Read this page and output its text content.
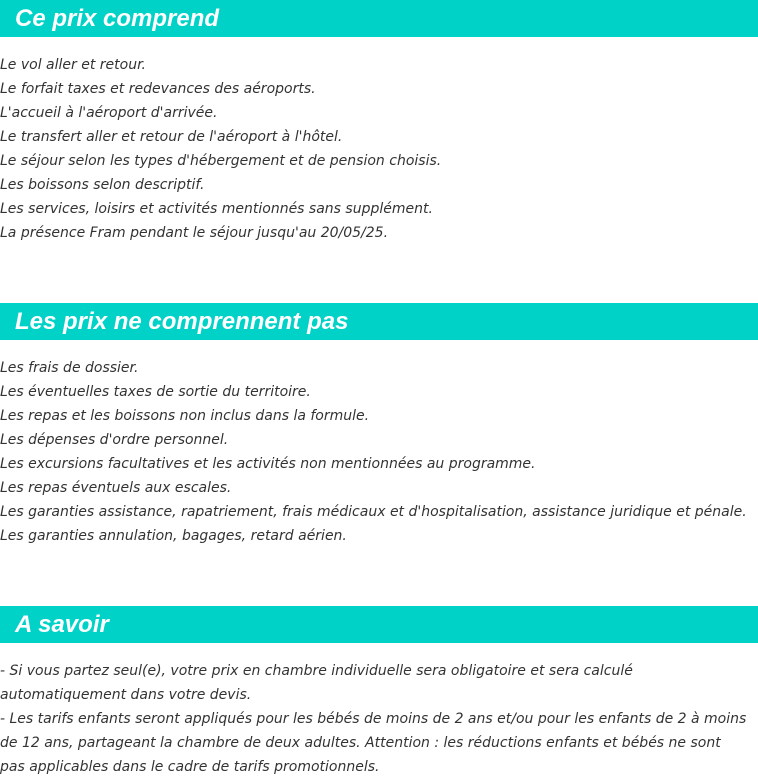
Ce prix comprend
Le vol aller et retour.
Le forfait taxes et redevances des aéroports.
L'accueil à l'aéroport d'arrivée.
Le transfert aller et retour de l'aéroport à l'hôtel.
Le séjour selon les types d'hébergement et de pension choisis.
Les boissons selon descriptif.
Les services, loisirs et activités mentionnés sans supplément.
La présence Fram pendant le séjour jusqu'au 20/05/25.
Les prix ne comprennent pas
Les frais de dossier.
Les éventuelles taxes de sortie du territoire.
Les repas et les boissons non inclus dans la formule.
Les dépenses d'ordre personnel.
Les excursions facultatives et les activités non mentionnées au programme.
Les repas éventuels aux escales.
Les garanties assistance, rapatriement, frais médicaux et d'hospitalisation, assistance juridique et pénale.
Les garanties annulation, bagages, retard aérien.
A savoir
- Si vous partez seul(e), votre prix en chambre individuelle sera obligatoire et sera calculé automatiquement dans votre devis.
- Les tarifs enfants seront appliqués pour les bébés de moins de 2 ans et/ou pour les enfants de 2 à moins de 12 ans, partageant la chambre de deux adultes. Attention : les réductions enfants et bébés ne sont pas applicables dans le cadre de tarifs promotionnels.
